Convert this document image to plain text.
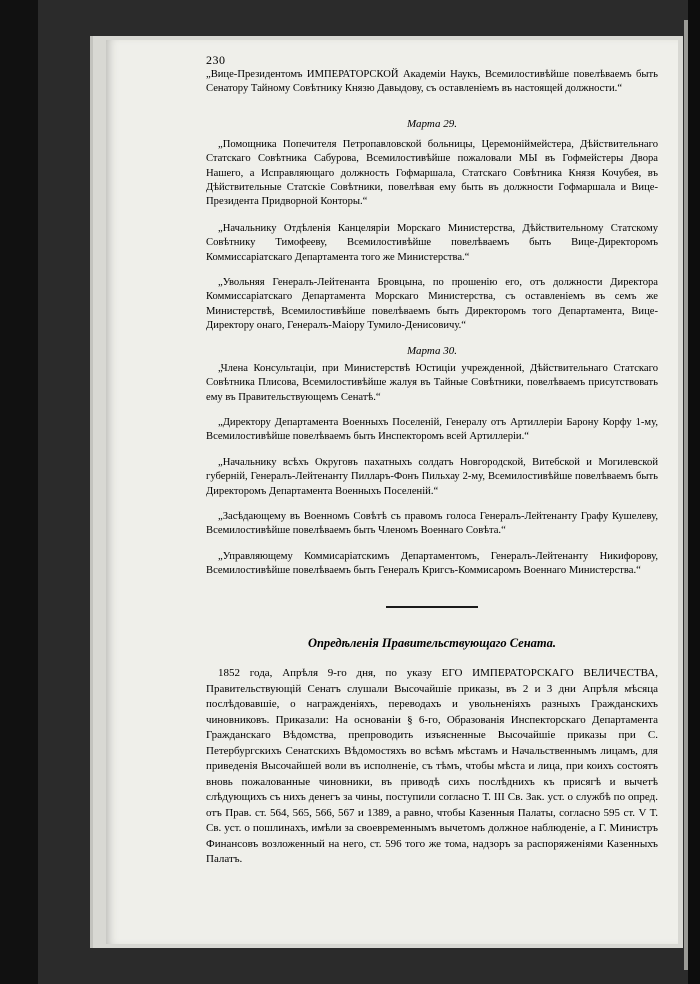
230

„Вице-Президентомъ ИМПЕРАТОРСКОЙ Академіи Наукъ, Всемилостивѣйше повелѣваемъ быть Сенатору Тайному Совѣтнику Князю Давыдову, съ оставленіемъ въ настоящей должности.“

Марта 29.

„Помощника Попечителя Петропавловской больницы, Церемоніймейстера, Дѣйствительнаго Статскаго Совѣтника Сабурова, Всемилостивѣйше пожаловали МЫ въ Гофмейстеры Двора Нашего, а Исправляющаго должность Гофмаршала, Статскаго Совѣтника Князя Кочубея, въ Дѣйствительные Статскіе Совѣтники, повелѣвая ему быть въ должности Гофмаршала и Вице-Президента Придворной Конторы.“

„Начальнику Отдѣленія Канцеляріи Морскаго Министерства, Дѣйствительному Статскому Совѣтнику Тимофееву, Всемилостивѣйше повелѣваемъ быть Вице-Директоромъ Коммиссаріатскаго Департамента того же Министерства.“

„Увольняя Генералъ-Лейтенанта Бровцына, по прошенію его, отъ должности Директора Коммиссаріатскаго Департамента Морскаго Министерства, съ оставленіемъ въ семъ же Министерствѣ, Всемилостивѣйше повелѣваемъ быть Директоромъ того Департамента, Вице-Директору онаго, Генералъ-Маіору Тумило-Денисовичу.“

Марта 30.

„Члена Консультаціи, при Министерствѣ Юстиціи учрежденной, Дѣйствительнаго Статскаго Совѣтника Плисова, Всемилостивѣйше жалуя въ Тайные Совѣтники, повелѣваемъ присутствовать ему въ Правительствующемъ Сенатѣ.“

„Директору Департамента Военныхъ Поселеній, Генералу отъ Артиллеріи Барону Корфу 1-му, Всемилостивѣйше повелѣваемъ быть Инспекторомъ всей Артиллеріи.“

„Начальнику всѣхъ Округовъ пахатныхъ солдатъ Новгородской, Витебской и Могилевской губерній, Генералъ-Лейтенанту Пилларъ-Фонъ Пильхау 2-му, Всемилостивѣйше повелѣваемъ быть Директоромъ Департамента Военныхъ Поселеній.“

„Засѣдающему въ Военномъ Совѣтѣ съ правомъ голоса Генералъ-Лейтенанту Графу Кушелеву, Всемилостивѣйше повелѣваемъ быть Членомъ Военнаго Совѣта.“

„Управляющему Коммисаріатскимъ Департаментомъ, Генералъ-Лейтенанту Никифорову, Всемилостивѣйше повелѣваемъ быть Генералъ Кригсъ-Коммисаромъ Военнаго Министерства.“

Опредѣленія Правительствующаго Сената.

1852 года, Апрѣля 9-го дня, по указу ЕГО ИМПЕРАТОРСКАГО ВЕЛИЧЕСТВА, Правительствующій Сенатъ слушали Высочайшіе приказы, въ 2 и 3 дни Апрѣля мѣсяца послѣдовавшіе, о награжденіяхъ, переводахъ и увольненіяхъ разныхъ Гражданскихъ чиновниковъ. Приказали: На основаніи § 6-го, Образованія Инспекторскаго Департамента Гражданскаго Вѣдомства, препроводить изъясненные Высочайшіе приказы при С. Петербургскихъ Сенатскихъ Вѣдомостяхъ во всѣмъ мѣстамъ и Начальственнымъ лицамъ, для приведенія Высочайшей воли въ исполненіе, съ тѣмъ, чтобы мѣста и лица, при коихъ состоятъ вновь пожалованные чиновники, въ приводѣ сихъ послѣднихъ къ присягѣ и вычетѣ слѣдующихъ съ нихъ денегъ за чины, поступили согласно Т. III Св. Зак. уст. о службѣ по опред. отъ Прав. ст. 564, 565, 566, 567 и 1389, а равно, чтобы Казенныя Палаты, согласно 595 ст. V Т. Св. уст. о пошлинахъ, имѣли за своевременнымъ вычетомъ должное наблюденіе, а Г. Министръ Финансовъ возложенный на него, ст. 596 того же тома, надзоръ за распоряженіями Казенныхъ Палатъ.
